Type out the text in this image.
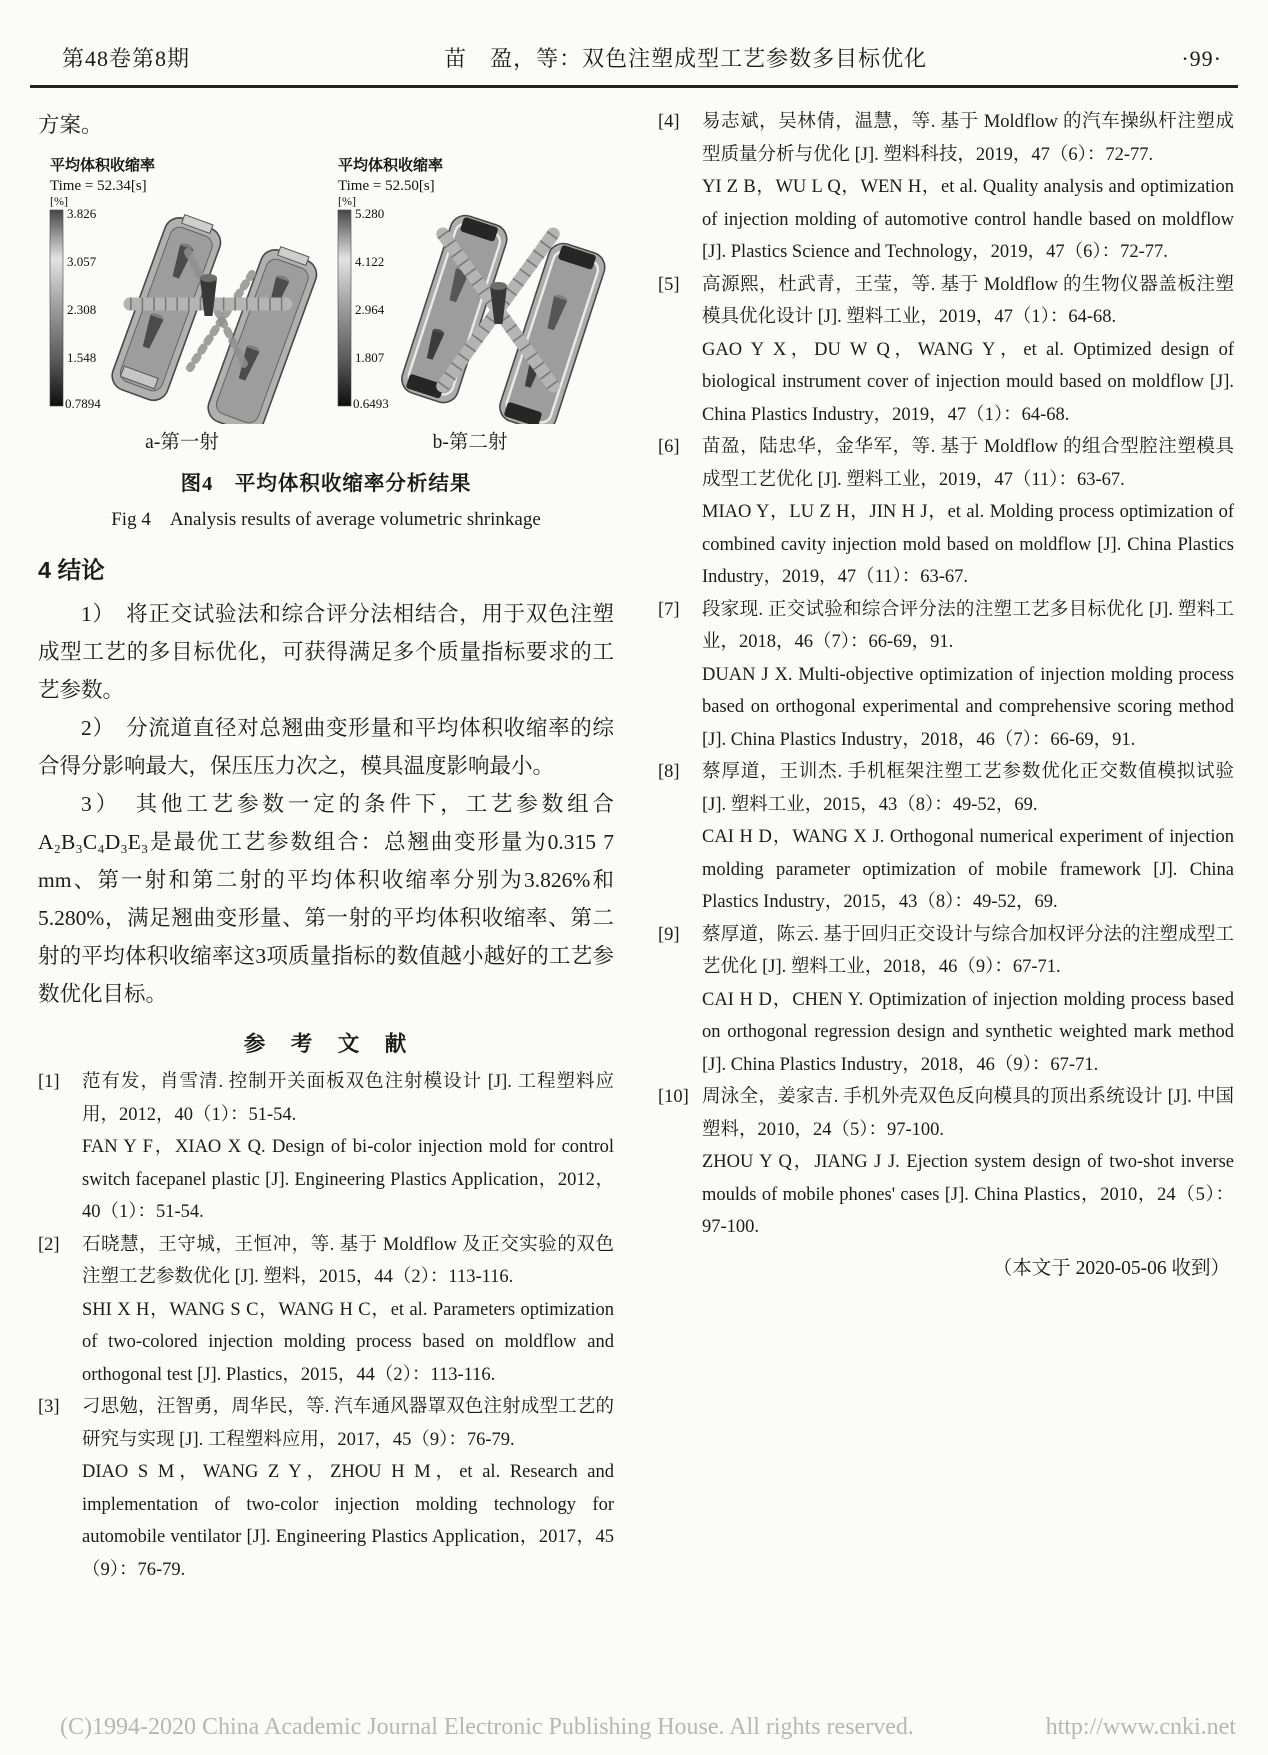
第48卷第8期	苗　盈，等：双色注塑成型工艺参数多目标优化	·99·

方案。

平均体积收缩率
Time = 52.34[s]
[%]
3.826
3.057
2.308
1.548
0.7894
平均体积收缩率
Time = 52.50[s]
[%]
5.280
4.122
2.964
1.807
0.6493
a-第一射	b-第二射
图4　平均体积收缩率分析结果
Fig 4　Analysis results of average volumetric shrinkage
4 结论

1）　将正交试验法和综合评分法相结合，用于双色注塑成型工艺的多目标优化，可获得满足多个质量指标要求的工艺参数。

2）　分流道直径对总翘曲变形量和平均体积收缩率的综合得分影响最大，保压压力次之，模具温度影响最小。

3）　其他工艺参数一定的条件下，工艺参数组合A₂B₃C₄D₃E₃是最优工艺参数组合：总翘曲变形量为0.315 7 mm、第一射和第二射的平均体积收缩率分别为3.826%和5.280%，满足翘曲变形量、第一射的平均体积收缩率、第二射的平均体积收缩率这3项质量指标的数值越小越好的工艺参数优化目标。

参　考　文　献
[1]	范有发，肖雪清. 控制开关面板双色注射模设计 [J]. 工程塑料应用，2012，40（1）：51-54.

FAN Y F，XIAO X Q. Design of bi-color injection mold for control switch facepanel plastic [J]. Engineering Plastics Application，2012，40（1）：51-54.

[2]	石晓慧，王守城，王恒冲，等. 基于 Moldflow 及正交实验的双色注塑工艺参数优化 [J]. 塑料，2015，44（2）：113-116.

SHI X H，WANG S C，WANG H C，et al. Parameters optimization of two-colored injection molding process based on moldflow and orthogonal test [J]. Plastics，2015，44（2）：113-116.

[3]	刁思勉，汪智勇，周华民，等. 汽车通风器罩双色注射成型工艺的研究与实现 [J]. 工程塑料应用，2017，45（9）：76-79.

DIAO S M，WANG Z Y，ZHOU H M，et al. Research and implementation of two-color injection molding technology for automobile ventilator [J]. Engineering Plastics Application，2017，45（9）：76-79.

[4]	易志斌，吴林倩，温慧，等. 基于 Moldflow 的汽车操纵杆注塑成型质量分析与优化 [J]. 塑料科技，2019，47（6）：72-77.

YI Z B，WU L Q，WEN H，et al. Quality analysis and optimization of injection molding of automotive control handle based on moldflow [J]. Plastics Science and Technology，2019，47（6）：72-77.

[5]	高源熙，杜武青，王莹，等. 基于 Moldflow 的生物仪器盖板注塑模具优化设计 [J]. 塑料工业，2019，47（1）：64-68.

GAO Y X，DU W Q，WANG Y，et al. Optimized design of biological instrument cover of injection mould based on moldflow [J]. China Plastics Industry，2019，47（1）：64-68.

[6]	苗盈，陆忠华，金华军，等. 基于 Moldflow 的组合型腔注塑模具成型工艺优化 [J]. 塑料工业，2019，47（11）：63-67.

MIAO Y，LU Z H，JIN H J，et al. Molding process optimization of combined cavity injection mold based on moldflow [J]. China Plastics Industry，2019，47（11）：63-67.

[7]	段家现. 正交试验和综合评分法的注塑工艺多目标优化 [J]. 塑料工业，2018，46（7）：66-69，91.

DUAN J X. Multi-objective optimization of injection molding process based on orthogonal experimental and comprehensive scoring method [J]. China Plastics Industry，2018，46（7）：66-69，91.

[8]	蔡厚道，王训杰. 手机框架注塑工艺参数优化正交数值模拟试验 [J]. 塑料工业，2015，43（8）：49-52，69.

CAI H D，WANG X J. Orthogonal numerical experiment of injection molding parameter optimization of mobile framework [J]. China Plastics Industry，2015，43（8）：49-52，69.

[9]	蔡厚道，陈云. 基于回归正交设计与综合加权评分法的注塑成型工艺优化 [J]. 塑料工业，2018，46（9）：67-71.

CAI H D，CHEN Y. Optimization of injection molding process based on orthogonal regression design and synthetic weighted mark method [J]. China Plastics Industry，2018，46（9）：67-71.

[10] 周泳全，姜家吉. 手机外壳双色反向模具的顶出系统设计 [J]. 中国塑料，2010，24（5）：97-100.

ZHOU Y Q，JIANG J J. Ejection system design of two-shot inverse moulds of mobile phones' cases [J]. China Plastics，2010，24（5）：97-100.

（本文于 2020-05-06 收到）
(C)1994-2020 China Academic Journal Electronic Publishing House. All rights reserved.	http://www.cnki.net
